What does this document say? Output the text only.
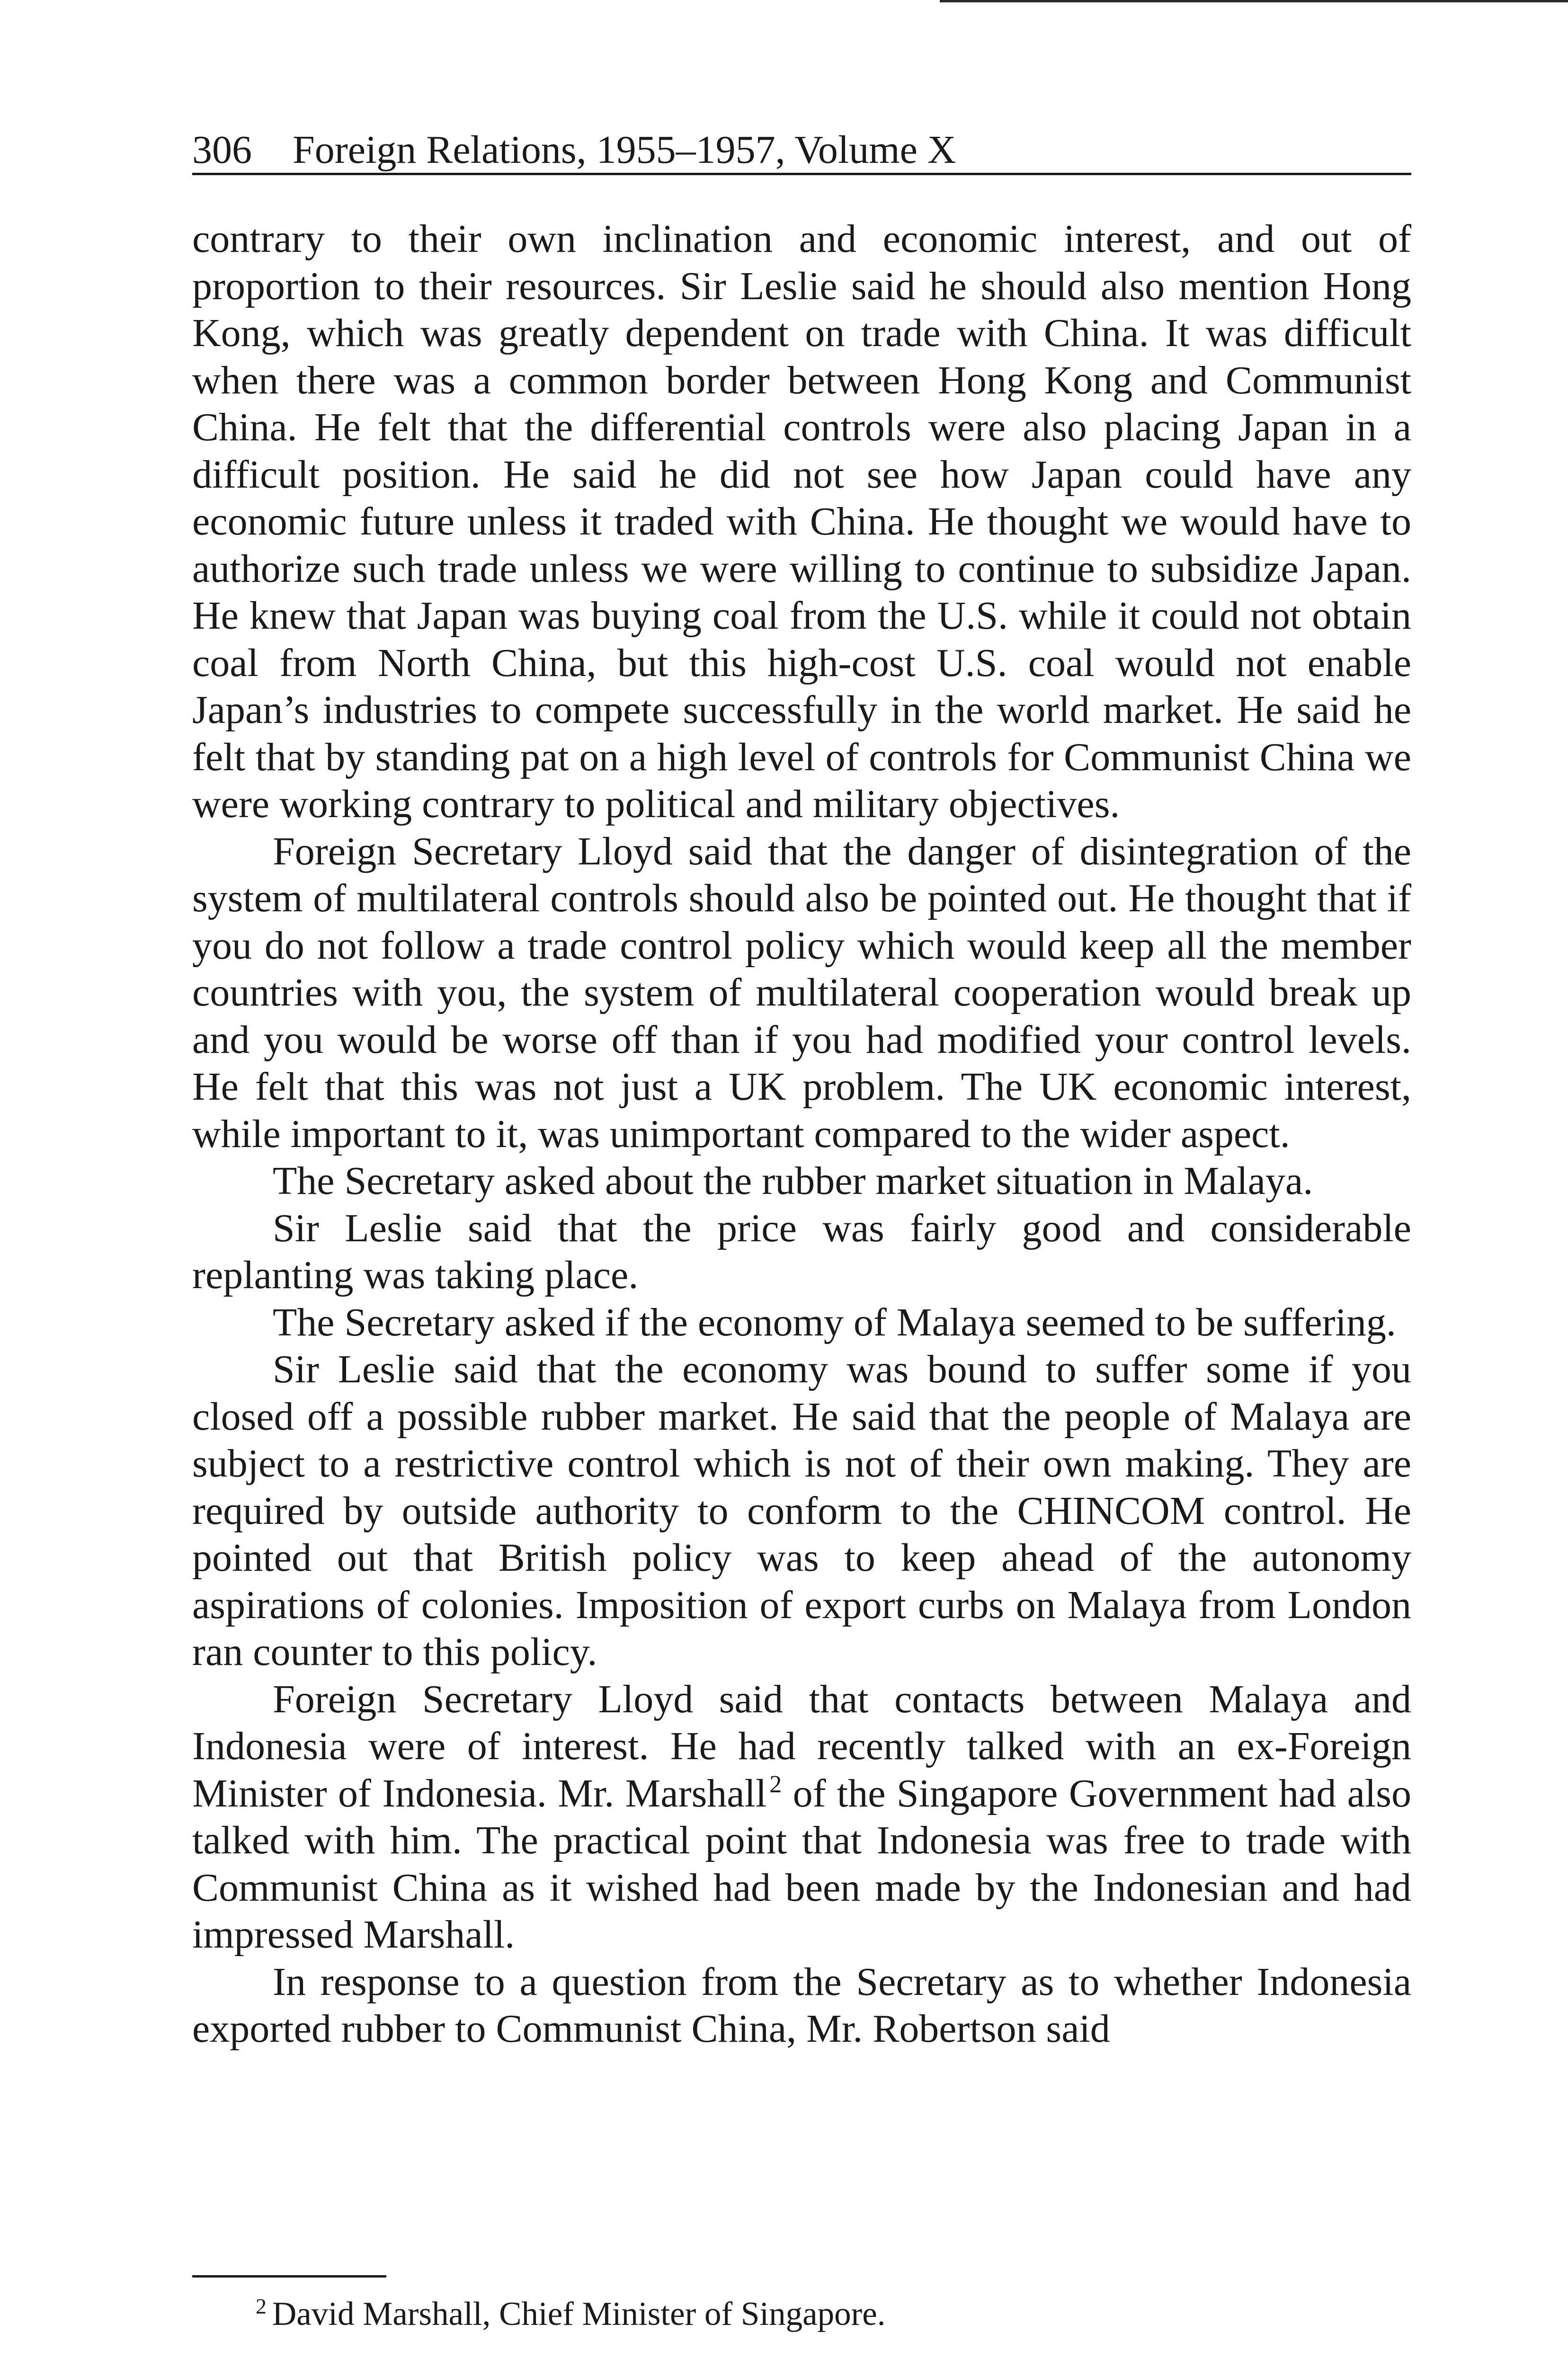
306 Foreign Relations, 1955–1957, Volume X

contrary to their own inclination and economic interest, and out of proportion to their resources. Sir Leslie said he should also mention Hong Kong, which was greatly dependent on trade with China. It was difficult when there was a common border between Hong Kong and Communist China. He felt that the differential controls were also placing Japan in a difficult position. He said he did not see how Japan could have any economic future unless it traded with China. He thought we would have to authorize such trade unless we were willing to continue to subsidize Japan. He knew that Japan was buying coal from the U.S. while it could not obtain coal from North China, but this high-cost U.S. coal would not enable Japan’s industries to compete successfully in the world market. He said he felt that by standing pat on a high level of controls for Communist China we were working contrary to political and military objectives.

Foreign Secretary Lloyd said that the danger of disintegration of the system of multilateral controls should also be pointed out. He thought that if you do not follow a trade control policy which would keep all the member countries with you, the system of multilateral cooperation would break up and you would be worse off than if you had modified your control levels. He felt that this was not just a UK problem. The UK economic interest, while important to it, was unimportant compared to the wider aspect.

The Secretary asked about the rubber market situation in Malaya.

Sir Leslie said that the price was fairly good and considerable replanting was taking place.

The Secretary asked if the economy of Malaya seemed to be suffering.

Sir Leslie said that the economy was bound to suffer some if you closed off a possible rubber market. He said that the people of Malaya are subject to a restrictive control which is not of their own making. They are required by outside authority to conform to the CHINCOM control. He pointed out that British policy was to keep ahead of the autonomy aspirations of colonies. Imposition of export curbs on Malaya from London ran counter to this policy.

Foreign Secretary Lloyd said that contacts between Malaya and Indonesia were of interest. He had recently talked with an ex-Foreign Minister of Indonesia. Mr. Marshall $^2$ of the Singapore Government had also talked with him. The practical point that Indonesia was free to trade with Communist China as it wished had been made by the Indonesian and had impressed Marshall.

In response to a question from the Secretary as to whether Indonesia exported rubber to Communist China, Mr. Robertson said

$^2$ David Marshall, Chief Minister of Singapore.
